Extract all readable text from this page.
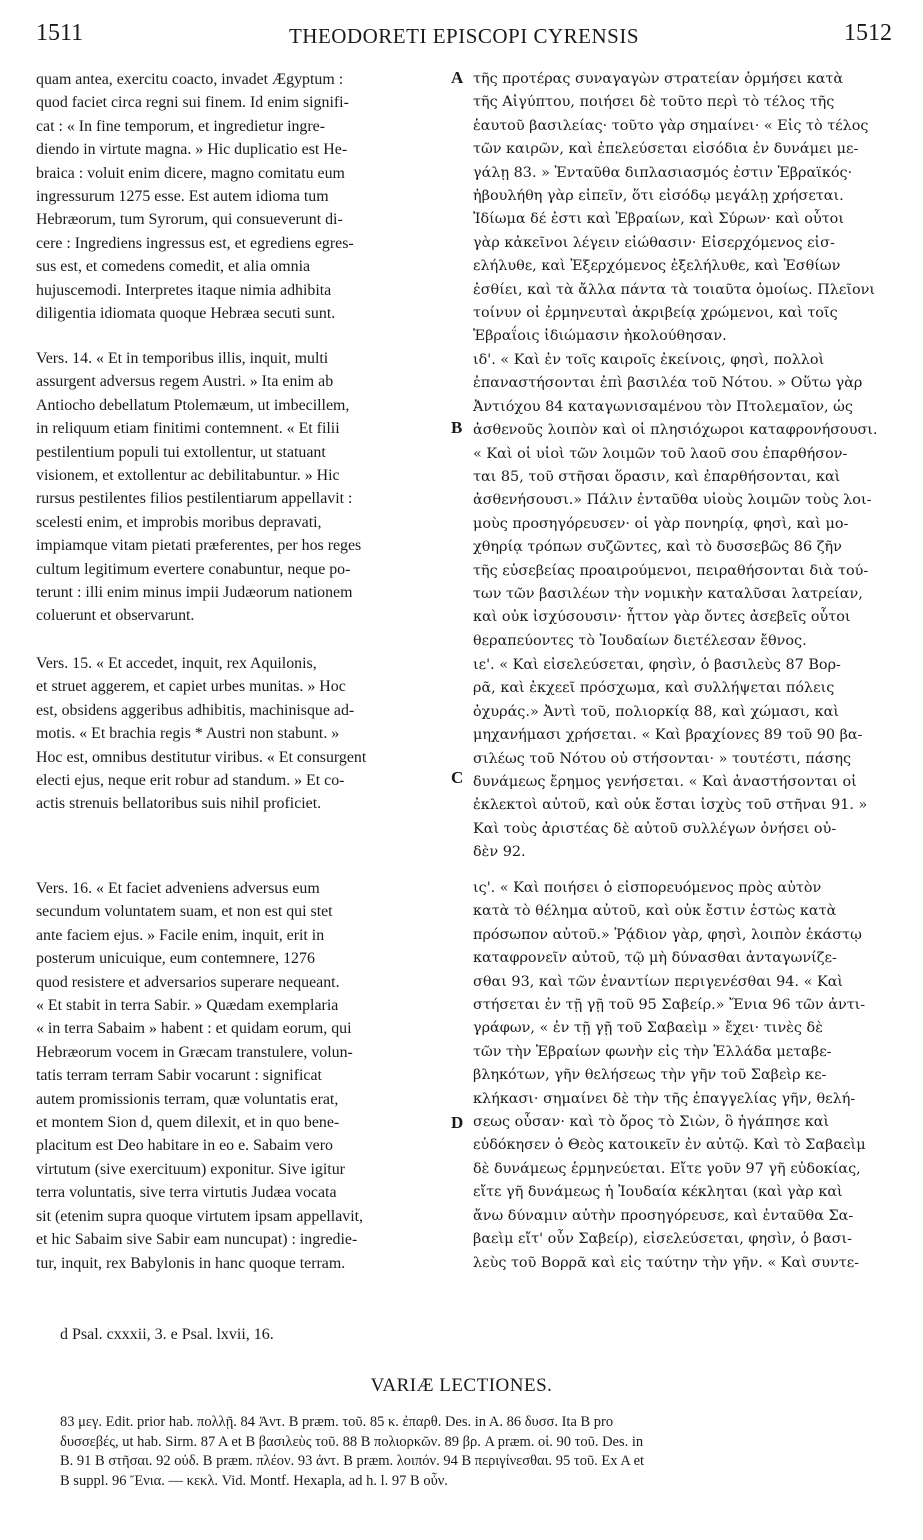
1511	THEODORETI EPISCOPI CYRENSIS	1512
quam antea, exercitu coacto, invadet Ægyptum :
quod faciet circa regni sui finem. Id enim signifi-
cat : « In fine temporum, et ingredietur ingre-
diendo in virtute magna. » Hic duplicatio est He-
braica : voluit enim dicere, magno comitatu eum
ingressurum 1275 esse. Est autem idioma tum
Hebræorum, tum Syrorum, qui consueverunt di-
cere : Ingrediens ingressus est, et egrediens egres-
sus est, et comedens comedit, et alia omnia
hujuscemodi. Interpretes itaque nimia adhibita
diligentia idiomata quoque Hebræa secuti sunt.
Vers. 14. « Et in temporibus illis, inquit, multi
assurgent adversus regem Austri. » Ita enim ab
Antiocho debellatum Ptolemæum, ut imbecillem,
in reliquum etiam finitimi contemnent. « Et filii
pestilentium populi tui extollentur, ut statuant
visionem, et extollentur ac debilitabuntur. » Hic
rursus pestilentes filios pestilentiarum appellavit :
scelesti enim, et improbis moribus depravati,
impiamque vitam pietati præferentes, per hos reges
cultum legitimum evertere conabuntur, neque po-
terunt : illi enim minus impii Judæorum nationem
coluerunt et observarunt.
Vers. 15. « Et accedet, inquit, rex Aquilonis,
et struet aggerem, et capiet urbes munitas. » Hoc
est, obsidens aggeribus adhibitis, machinisque ad-
motis. « Et brachia regis * Austri non stabunt. »
Hoc est, omnibus destitutur viribus. « Et consurgent
electi ejus, neque erit robur ad standum. » Et co-
actis strenuis bellatoribus suis nihil proficiet.
Vers. 16. « Et faciet adveniens adversus eum
secundum voluntatem suam, et non est qui stet
ante faciem ejus. » Facile enim, inquit, erit in
posterum unicuique, eum contemnere, 1276
quod resistere et adversarios superare nequeant.
« Et stabit in terra Sabir. » Quædam exemplaria
« in terra Sabaim » habent : et quidam eorum, qui
Hebræorum vocem in Græcam transtulere, volun-
tatis terram terram Sabir vocarunt : significat
autem promissionis terram, quæ voluntatis erat,
et montem Sion d, quem dilexit, et in quo bene-
placitum est Deo habitare in eo e. Sabaim vero
virtutum (sive exercituum) exponitur. Sive igitur
terra voluntatis, sive terra virtutis Judæa vocata
sit (etenim supra quoque virtutem ipsam appellavit,
et hic Sabaim sive Sabir eam nuncupat) : ingredie-
tur, inquit, rex Babylonis in hanc quoque terram.
τῆς προτέρας συναγαγὼν στρατείαν ὁρμήσει κατὰ
τῆς Αἰγύπτου, ποιήσει δὲ τοῦτο περὶ τὸ τέλος τῆς
ἑαυτοῦ βασιλείας· τοῦτο γὰρ σημαίνει· « Εἰς τὸ τέλος
τῶν καιρῶν, καὶ ἐπελεύσεται εἰσόδια ἐν δυνάμει με-
γάλῃ 83. » Ἐνταῦθα διπλασιασμός ἐστιν Ἑβραϊκός·
ἠβουλήθη γὰρ εἰπεῖν, ὅτι εἰσόδῳ μεγάλῃ χρήσεται.
Ἰδίωμα δέ ἐστι καὶ Ἑβραίων, καὶ Σύρων· καὶ οὗτοι
γὰρ κἀκεῖνοι λέγειν εἰώθασιν· Εἰσερχόμενος εἰσ-
ελήλυθε, καὶ Ἐξερχόμενος ἐξελήλυθε, καὶ Ἐσθίων
ἐσθίει, καὶ τὰ ἄλλα πάντα τὰ τοιαῦτα ὁμοίως. Πλεῖονι
τοίνυν οἱ ἑρμηνευταὶ ἀκριβείᾳ χρώμενοι, καὶ τοῖς
Ἑβραΐοις ἰδιώμασιν ἠκολούθησαν.
ιδ'. « Καὶ ἐν τοῖς καιροῖς ἐκείνοις, φησὶ, πολλοὶ
ἐπαναστήσονται ἐπὶ βασιλέα τοῦ Νότου. » Οὕτω γὰρ
Ἀντιόχου 84 καταγωνισαμένου τὸν Πτολεμαῖον, ὡς
ἀσθενοῦς λοιπὸν καὶ οἱ πλησιόχωροι καταφρονήσουσι.
« Καὶ οἱ υἱοὶ τῶν λοιμῶν τοῦ λαοῦ σου ἐπαρθήσον-
ται 85, τοῦ στῆσαι ὅρασιν, καὶ ἐπαρθήσονται, καὶ
ἀσθενήσουσι.» Πάλιν ἐνταῦθα υἱοὺς λοιμῶν τοὺς λοι-
μοὺς προσηγόρευσεν· οἱ γὰρ πονηρίᾳ, φησὶ, καὶ μο-
χθηρίᾳ τρόπων συζῶντες, καὶ τὸ δυσσεβῶς 86 ζῆν
τῆς εὐσεβείας προαιρούμενοι, πειραθήσονται διὰ τού-
των τῶν βασιλέων τὴν νομικὴν καταλῦσαι λατρείαν,
καὶ οὐκ ἰσχύσουσιν· ἧττον γὰρ ὄντες ἀσεβεῖς οὗτοι
θεραπεύοντες τὸ Ἰουδαίων διετέλεσαν ἔθνος.
ιε'. « Καὶ εἰσελεύσεται, φησὶν, ὁ βασιλεὺς 87 Βορ-
ρᾶ, καὶ ἐκχεεῖ πρόσχωμα, καὶ συλλήψεται πόλεις
ὀχυράς.» Ἀντὶ τοῦ, πολιορκίᾳ 88, καὶ χώμασι, καὶ
μηχανήμασι χρήσεται. « Καὶ βραχίονες 89 τοῦ 90 βα-
σιλέως τοῦ Νότου οὐ στήσονται· » τουτέστι, πάσης
δυνάμεως ἔρημος γενήσεται. « Καὶ ἀναστήσονται οἱ
ἐκλεκτοὶ αὐτοῦ, καὶ οὐκ ἔσται ἰσχὺς τοῦ στῆναι 91. »
Καὶ τοὺς ἀριστέας δὲ αὐτοῦ συλλέγων ὀνήσει οὐ-
δὲν 92.
ις'. « Καὶ ποιήσει ὁ εἰσπορευόμενος πρὸς αὐτὸν
κατὰ τὸ θέλημα αὐτοῦ, καὶ οὐκ ἔστιν ἑστὼς κατὰ
πρόσωπον αὐτοῦ.» Ῥᾴδιον γὰρ, φησὶ, λοιπὸν ἑκάστῳ
καταφρονεῖν αὐτοῦ, τῷ μὴ δύνασθαι ἀνταγωνίζε-
σθαι 93, καὶ τῶν ἐναντίων περιγενέσθαι 94. « Καὶ
στήσεται ἐν τῇ γῇ τοῦ 95 Σαβείρ.» Ἔνια 96 τῶν ἀντι-
γράφων, « ἐν τῇ γῇ τοῦ Σαβαεὶμ » ἔχει· τινὲς δὲ
τῶν τὴν Ἑβραίων φωνὴν εἰς τὴν Ἑλλάδα μεταβε-
βληκότων, γῆν θελήσεως τὴν γῆν τοῦ Σαβεὶρ κε-
κλήκασι· σημαίνει δὲ τὴν τῆς ἐπαγγελίας γῆν, θελή-
σεως οὖσαν· καὶ τὸ ὄρος τὸ Σιὼν, ὃ ἠγάπησε καὶ
εὐδόκησεν ὁ Θεὸς κατοικεῖν ἐν αὐτῷ. Καὶ τὸ Σαβαεὶμ
δὲ δυνάμεως ἑρμηνεύεται. Εἴτε γοῦν 97 γῆ εὐδοκίας,
εἴτε γῆ δυνάμεως ἡ Ἰουδαία κέκληται (καὶ γὰρ καὶ
ἄνω δύναμιν αὐτὴν προσηγόρευσε, καὶ ἐνταῦθα Σα-
βαεὶμ εἴτ' οὖν Σαβείρ), εἰσελεύσεται, φησὶν, ὁ βασι-
λεὺς τοῦ Βορρᾶ καὶ εἰς ταύτην τὴν γῆν. « Καὶ συντε-
A
B
C
D
d Psal. cxxxii, 3. e Psal. lxvii, 16.
VARIÆ LECTIONES.
83 μεγ. Edit. prior hab. πολλῇ. 84 Ἀντ. B præm. τοῦ. 85 κ. ἐπαρθ. Des. in A. 86 δυσσ. Ita B pro
δυσσεβές, ut hab. Sirm. 87 A et B βασιλεὺς τοῦ. 88 B πολιορκῶν. 89 βρ. A præm. οἱ. 90 τοῦ. Des. in
B. 91 B στῆσαι. 92 οὐδ. B præm. πλέον. 93 ἀντ. B præm. λοιπόν. 94 B περιγίνεσθαι. 95 τοῦ. Ex A et
B suppl. 96 Ἔνια. — κεκλ. Vid. Montf. Hexapla, ad h. l. 97 B οὖν.
